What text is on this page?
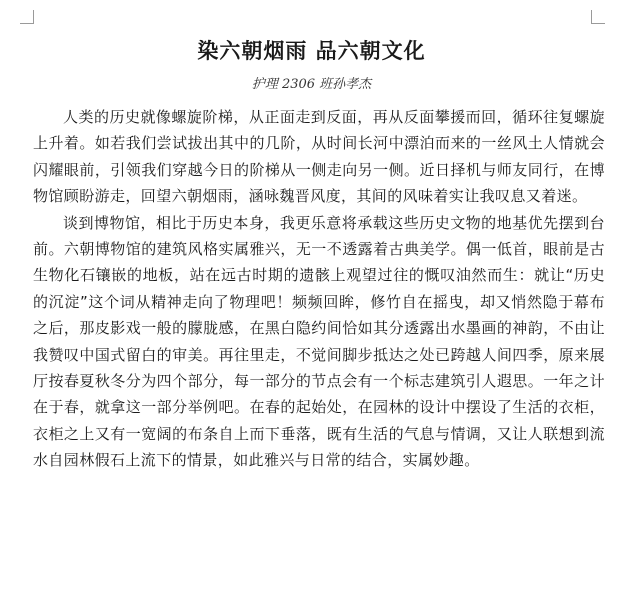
染六朝烟雨 品六朝文化
护理 2306 班孙孝杰

人类的历史就像螺旋阶梯，从正面走到反面，再从反面攀援而回，循环往复螺旋上升着。如若我们尝试拔出其中的几阶，从时间长河中漂泊而来的一丝风土人情就会闪耀眼前，引领我们穿越今日的阶梯从一侧走向另一侧。近日择机与师友同行，在博物馆顾盼游走，回望六朝烟雨，涵咏魏晋风度，其间的风味着实让我叹息又着迷。

谈到博物馆，相比于历史本身，我更乐意将承载这些历史文物的地基优先摆到台前。六朝博物馆的建筑风格实属雅兴，无一不透露着古典美学。偶一低首，眼前是古生物化石镶嵌的地板，站在远古时期的遗骸上观望过往的慨叹油然而生：就让“历史的沉淀”这个词从精神走向了物理吧！频频回眸，修竹自在摇曳，却又悄然隐于幕布之后，那皮影戏一般的朦胧感，在黑白隐约间恰如其分透露出水墨画的神韵，不由让我赞叹中国式留白的审美。再往里走，不觉间脚步抵达之处已跨越人间四季，原来展厅按春夏秋冬分为四个部分，每一部分的节点会有一个标志建筑引人遐思。一年之计在于春，就拿这一部分举例吧。在春的起始处，在园林的设计中摆设了生活的衣柜，衣柜之上又有一宽阔的布条自上而下垂落，既有生活的气息与情调，又让人联想到流水自园林假石上流下的情景，如此雅兴与日常的结合，实属妙趣。
